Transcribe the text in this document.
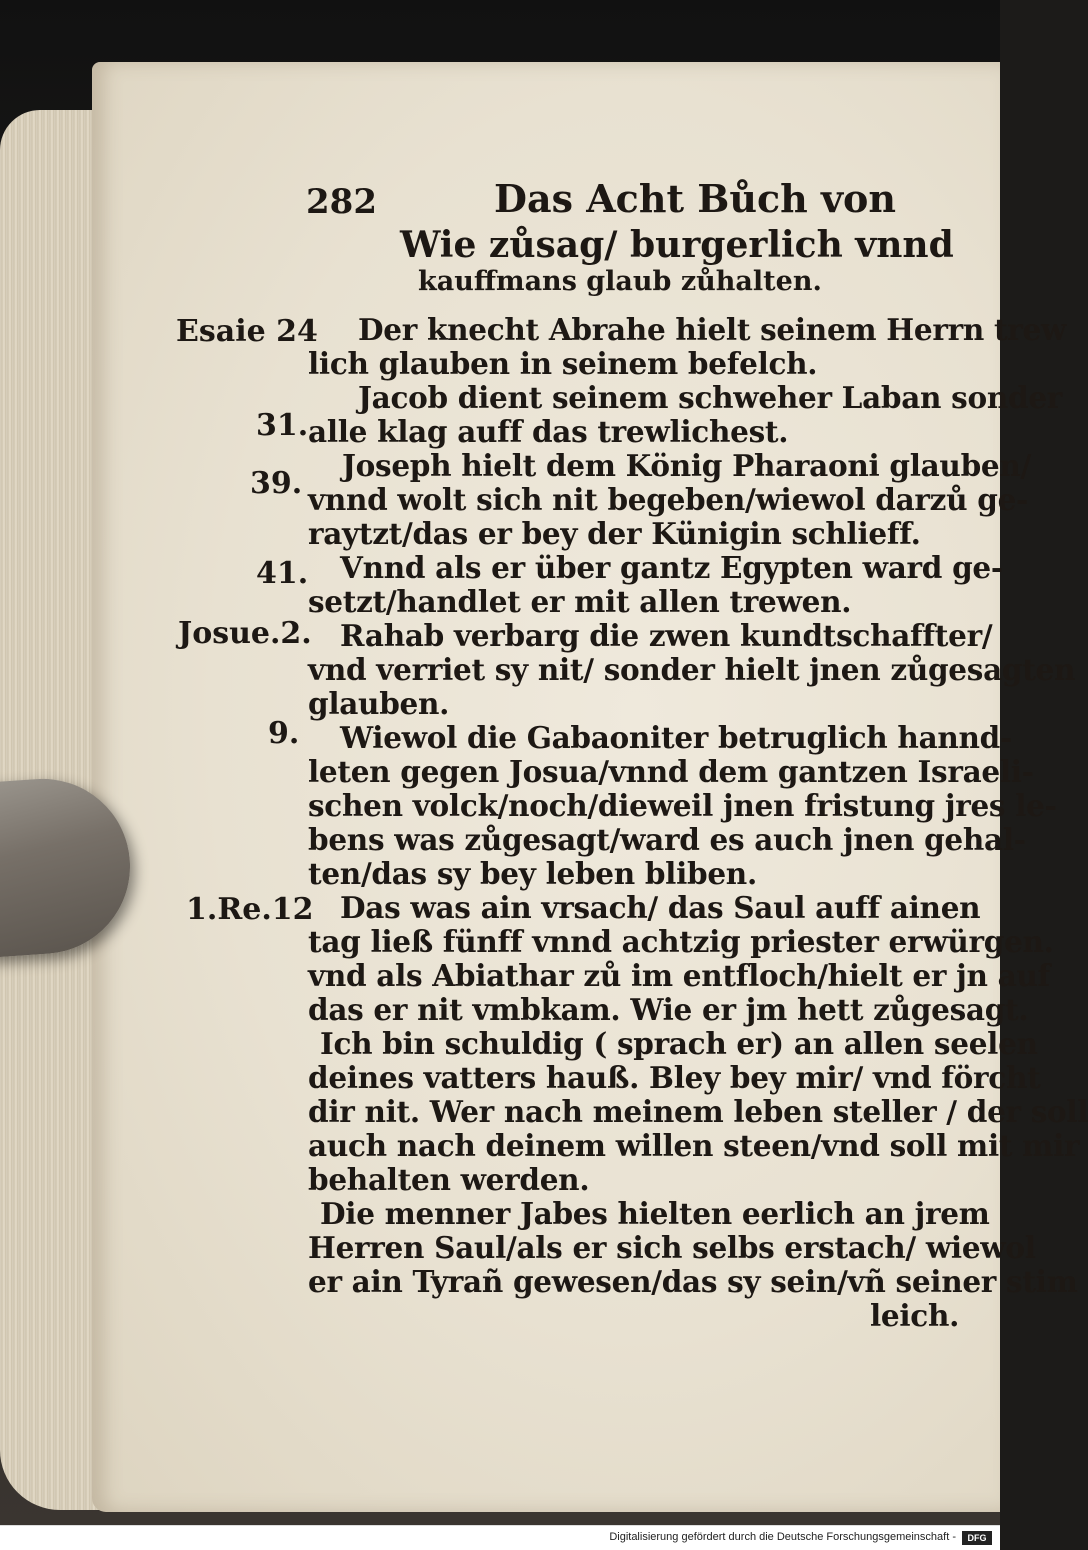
282	Das Acht Bůch von
Wie zůsag/ burgerlich vnnd
kauffmans glaub zůhalten.
Esaie 24
31.
39.
41.
Josue.2.
9.
1.Re.12
Der knecht Abrahe hielt seinem Herrn trew
lich glauben in seinem befelch.
Jacob dient seinem schweher Laban sonder
alle klag auff das trewlichest.
Joseph hielt dem König Pharaoni glauben/
vnnd wolt sich nit begeben/wiewol darzů ge-
raytzt/das er bey der Künigin schlieff.
Vnnd als er über gantz Egypten ward ge-
setzt/handlet er mit allen trewen.
Rahab verbarg die zwen kundtschaffter/
vnd verriet sy nit/ sonder hielt jnen zůgesagten
glauben.
Wiewol die Gabaoniter betruglich hannd-
leten gegen Josua/vnnd dem gantzen Israeli-
schen volck/noch/dieweil jnen fristung jres le-
bens was zůgesagt/ward es auch jnen gehal-
ten/das sy bey leben bliben.
Das was ain vrsach/ das Saul auff ainen
tag ließ fünff vnnd achtzig priester erwürgen.
vnd als Abiathar zů im entfloch/hielt er jn auf
das er nit vmbkam. Wie er jm hett zůgesagt.
Ich bin schuldig ( sprach er) an allen seelen
deines vatters hauß. Bley bey mir/ vnd förcht
dir nit. Wer nach meinem leben steller / der soll
auch nach deinem willen steen/vnd soll mit mir
behalten werden.
Die menner Jabes hielten eerlich an jrem
Herren Saul/als er sich selbs erstach/ wiewol
er ain Tyrañ gewesen/das sy sein/vñ seiner stim
leich.
Digitalisierung gefördert durch die Deutsche Forschungsgemeinschaft -	DFG
